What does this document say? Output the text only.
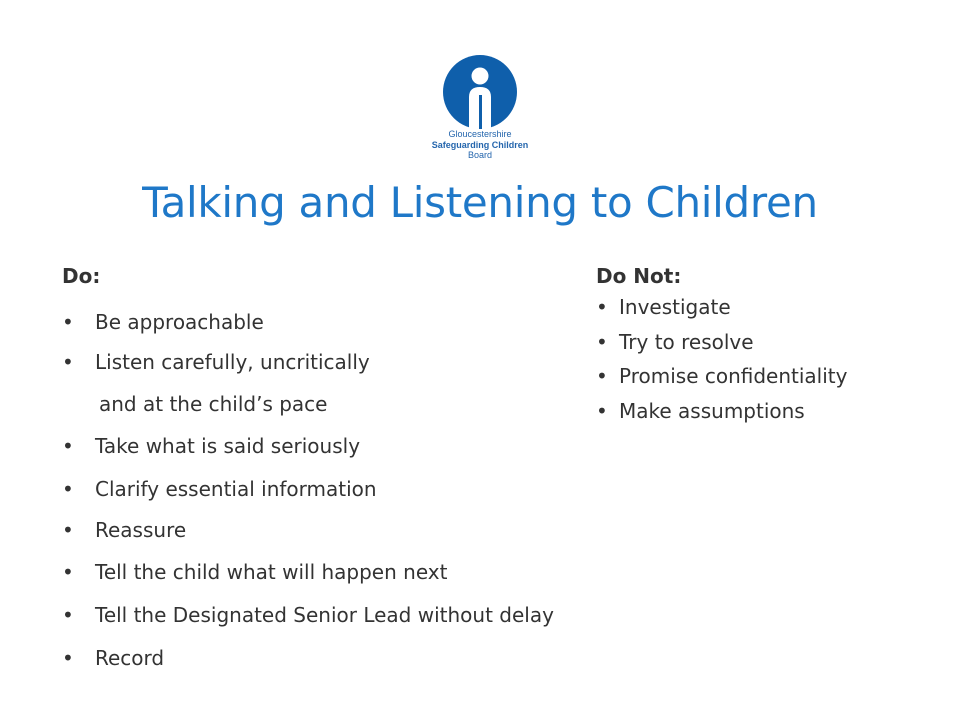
Gloucestershire
Safeguarding Children
Board
Talking and Listening to Children
Do:
•	Be approachable
•	Listen carefully, uncritically
and at the child’s pace
•	Take what is said seriously
•	Clarify essential information
•	Reassure
•	Tell the child what will happen next
•	Tell the Designated Senior Lead without delay
•	Record
Do Not:
• Investigate
• Try to resolve
• Promise confidentiality
• Make assumptions
